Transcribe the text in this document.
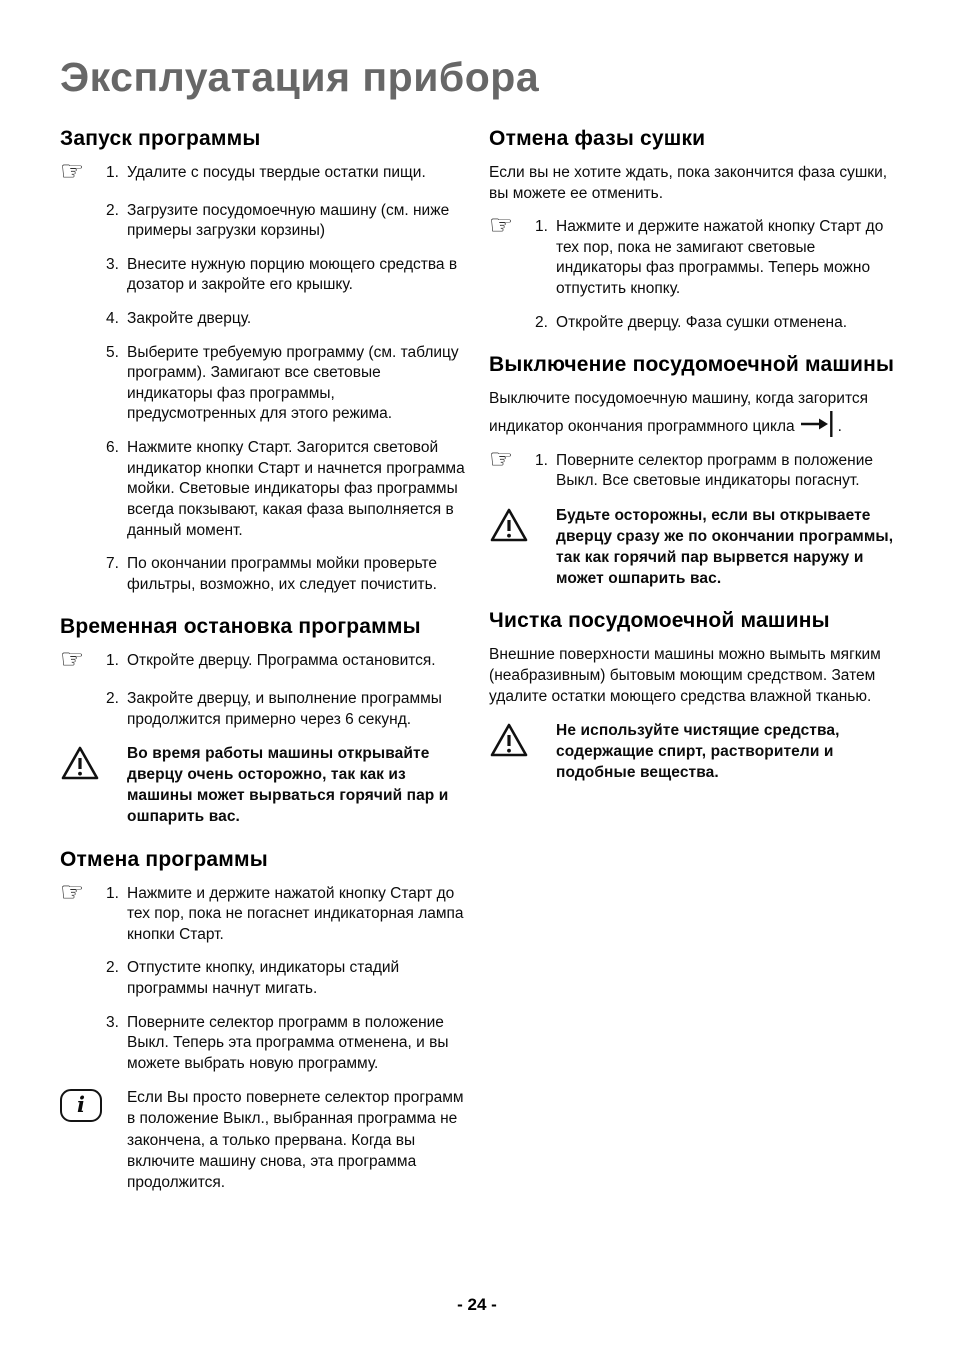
Эксплуатация прибора
Запуск программы
☞	1. Удалите с посуды твердые остатки пищи.
2. Загрузите посудомоечную машину (см. ниже примеры загрузки корзины)
3. Внесите нужную порцию моющего средства в дозатор и закройте его крышку.
4. Закройте дверцу.
5. Выберите требуемую программу (см. таблицу программ). Замигают все световые индикаторы фаз программы, предусмотренных для этого режима.
6. Нажмите кнопку Старт. Загорится световой индикатор кнопки Старт и начнется программа мойки. Световые индикаторы фаз программы всегда покзывают, какая фаза выполняется в данный момент.
7. По окончании программы мойки проверьте фильтры, возможно, их следует почистить.
Временная остановка программы
☞	1. Откройте дверцу. Программа остановится.
2. Закройте дверцу, и выполнение программы продолжится примерно через 6 секунд.
Во время работы машины открывайте дверцу очень осторожно, так как из машины может вырваться горячий пар и ошпарить вас.
Отмена программы
☞	1. Нажмите и держите нажатой кнопку Старт до тех пор, пока не погаснет индикаторная лампа кнопки Старт.
2. Отпустите кнопку, индикаторы стадий программы начнут мигать.
3. Поверните селектор программ в положение Выкл. Теперь эта программа отменена, и вы можете выбрать новую программу.
i	Если Вы просто повернете селектор программ в положение Выкл., выбранная программа не закончена, а только прервана. Когда вы включите машину снова, эта программа продолжится.
Отмена фазы сушки

Если вы не хотите ждать, пока закончится фаза сушки, вы можете ее отменить.

☞	1. Нажмите и держите нажатой кнопку Старт до тех пор, пока не замигают световые индикаторы фаз программы. Теперь можно отпустить кнопку.
2. Откройте дверцу. Фаза сушки отменена.
Выключение посудомоечной машины

Выключите посудомоечную машину, когда загорится индикатор окончания программного цикла	.

☞	1. Поверните селектор программ в положение Выкл. Все световые индикаторы погаснут.
Будьте осторожны, если вы открываете дверцу сразу же по окончании программы, так как горячий пар вырвется наружу и может ошпарить вас.
Чистка посудомоечной машины

Внешние поверхности машины можно вымыть мягким (неабразивным) бытовым моющим средством. Затем удалите остатки моющего средства влажной тканью.

Не используйте чистящие средства, содержащие спирт, растворители и подобные вещества.
- 24 -
